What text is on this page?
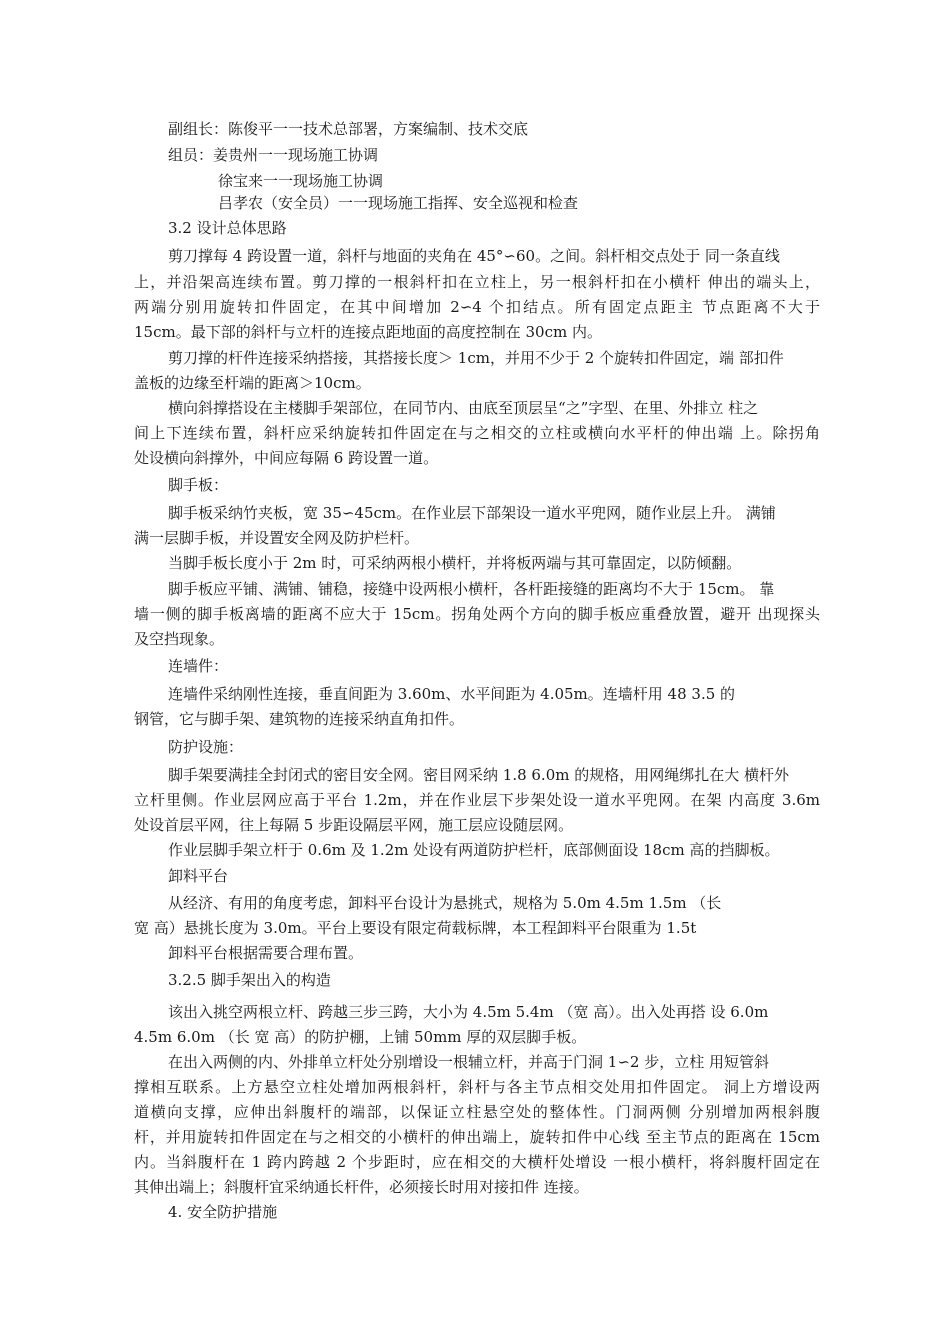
副组长：陈俊平一一技术总部署，方案编制、技术交底
组员：姜贵州一一现场施工协调
徐宝来一一现场施工协调
吕孝农（安全员）一一现场施工指挥、安全巡视和检查
3.2 设计总体思路
剪刀撑每 4 跨设置一道，斜杆与地面的夹角在 45°∽60。之间。斜杆相交点处于 同一条直线
上，并沿架高连续布置。剪刀撑的一根斜杆扣在立柱上，另一根斜杆扣在小横杆 伸出的端头上，
两端分别用旋转扣件固定，在其中间增加 2∽4 个扣结点。所有固定点距主 节点距离不大于
15cm。最下部的斜杆与立杆的连接点距地面的高度控制在 30cm 内。
剪刀撑的杆件连接采纳搭接，其搭接长度＞ 1cm，并用不少于 2 个旋转扣件固定，端 部扣件
盖板的边缘至杆端的距离＞10cm。
横向斜撑搭设在主楼脚手架部位，在同节内、由底至顶层呈“之”字型、在里、外排立 柱之
间上下连续布置，斜杆应采纳旋转扣件固定在与之相交的立柱或横向水平杆的伸出端 上。除拐角
处设横向斜撑外，中间应每隔 6 跨设置一道。
脚手板：
脚手板采纳竹夹板，宽 35∽45cm。在作业层下部架设一道水平兜网，随作业层上升。 满铺
满一层脚手板，并设置安全网及防护栏杆。
当脚手板长度小于 2m 时，可采纳两根小横杆，并将板两端与其可靠固定，以防倾翻。
脚手板应平铺、满铺、铺稳，接缝中设两根小横杆，各杆距接缝的距离均不大于 15cm。 靠
墙一侧的脚手板离墙的距离不应大于 15cm。拐角处两个方向的脚手板应重叠放置，避开 出现探头
及空挡现象。
连墙件：
连墙件采纳刚性连接，垂直间距为 3.60m、水平间距为 4.05m。连墙杆用 48 3.5 的
钢管，它与脚手架、建筑物的连接采纳直角扣件。
防护设施：
脚手架要满挂全封闭式的密目安全网。密目网采纳 1.8 6.0m 的规格，用网绳绑扎在大 横杆外
立杆里侧。作业层网应高于平台 1.2m，并在作业层下步架处设一道水平兜网。在架 内高度 3.6m
处设首层平网，往上每隔 5 步距设隔层平网，施工层应设随层网。
作业层脚手架立杆于 0.6m 及 1.2m 处设有两道防护栏杆，底部侧面设 18cm 高的挡脚板。
卸料平台
从经济、有用的角度考虑，卸料平台设计为悬挑式，规格为 5.0m 4.5m 1.5m （长
宽 高）悬挑长度为 3.0m。平台上要设有限定荷载标牌，本工程卸料平台限重为 1.5t
卸料平台根据需要合理布置。
3.2.5 脚手架出入的构造
该出入挑空两根立杆、跨越三步三跨，大小为 4.5m 5.4m （宽 高）。出入处再搭 设 6.0m
4.5m 6.0m （长 宽 高）的防护棚，上铺 50mm 厚的双层脚手板。
在出入两侧的内、外排单立杆处分别增设一根辅立杆，并高于门洞 1∽2 步，立柱 用短管斜
撑相互联系。上方悬空立柱处增加两根斜杆，斜杆与各主节点相交处用扣件固定。 洞上方增设两
道横向支撑，应伸出斜腹杆的端部，以保证立柱悬空处的整体性。门洞两侧 分别增加两根斜腹
杆，并用旋转扣件固定在与之相交的小横杆的伸出端上，旋转扣件中心线 至主节点的距离在 15cm
内。当斜腹杆在 1 跨内跨越 2 个步距时，应在相交的大横杆处增设 一根小横杆，将斜腹杆固定在
其伸出端上；斜腹杆宜采纳通长杆件，必须接长时用对接扣件 连接。
4. 安全防护措施
